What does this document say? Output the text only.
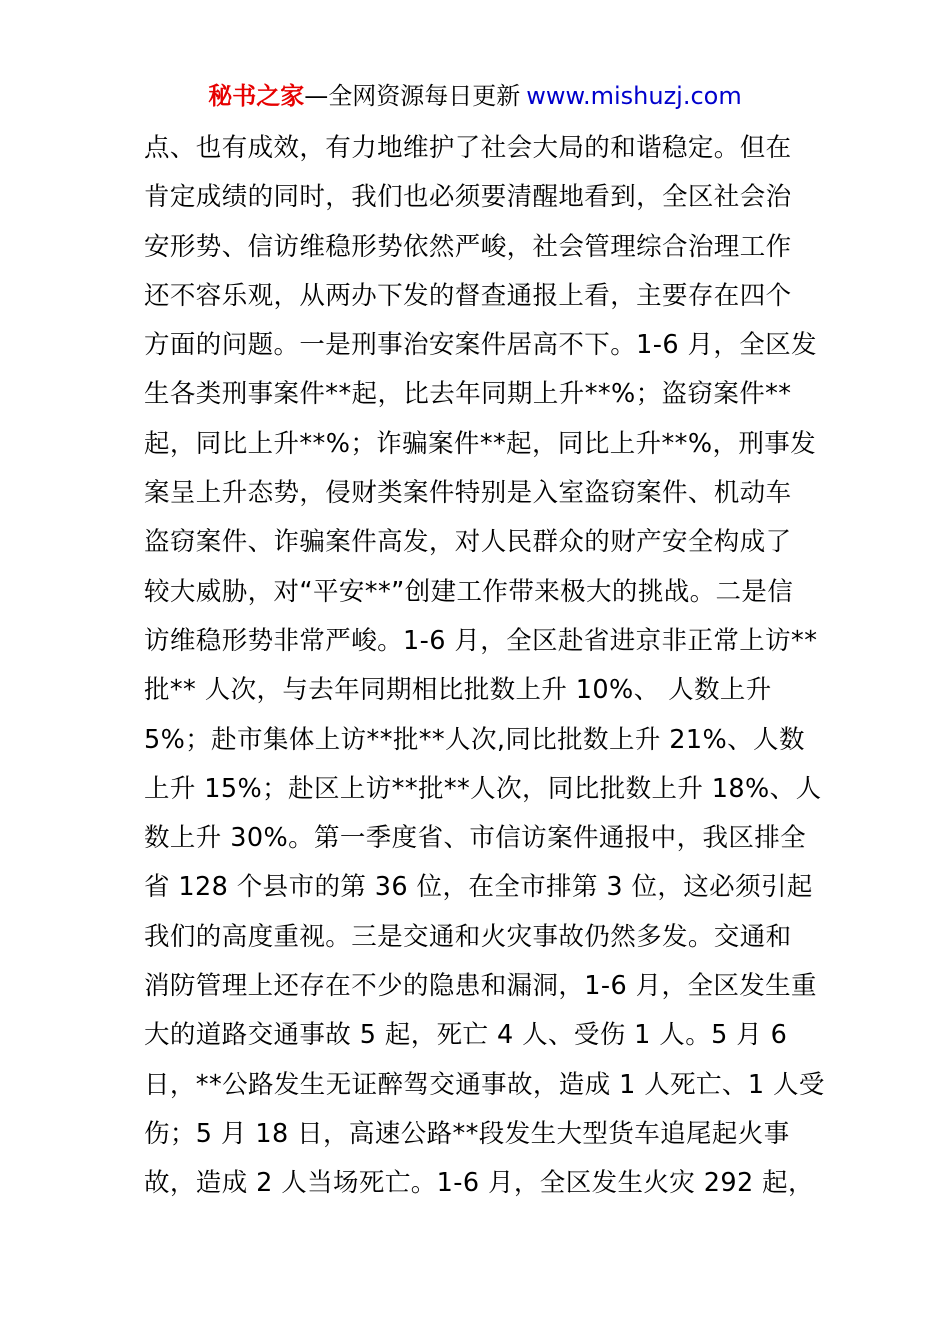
秘书之家—全网资源每日更新 www.mishuzj.com
点、也有成效，有力地维护了社会大局的和谐稳定。但在
肯定成绩的同时，我们也必须要清醒地看到，全区社会治
安形势、信访维稳形势依然严峻，社会管理综合治理工作
还不容乐观，从两办下发的督查通报上看，主要存在四个
方面的问题。一是刑事治安案件居高不下。1-6 月，全区发
生各类刑事案件**起，比去年同期上升**%；盗窃案件**
起，同比上升**%；诈骗案件**起，同比上升**%，刑事发
案呈上升态势，侵财类案件特别是入室盗窃案件、机动车
盗窃案件、诈骗案件高发，对人民群众的财产安全构成了
较大威胁，对“平安**”创建工作带来极大的挑战。二是信
访维稳形势非常严峻。1-6 月，全区赴省进京非正常上访**
批** 人次，与去年同期相比批数上升 10%、 人数上升
5%；赴市集体上访**批**人次,同比批数上升 21%、人数
上升 15%；赴区上访**批**人次，同比批数上升 18%、人
数上升 30%。第一季度省、市信访案件通报中，我区排全
省 128 个县市的第 36 位，在全市排第 3 位，这必须引起
我们的高度重视。三是交通和火灾事故仍然多发。交通和
消防管理上还存在不少的隐患和漏洞，1-6 月，全区发生重
大的道路交通事故 5 起，死亡 4 人、受伤 1 人。5 月 6
日，**公路发生无证醉驾交通事故，造成 1 人死亡、1 人受
伤；5 月 18 日，高速公路**段发生大型货车追尾起火事
故，造成 2 人当场死亡。1-6 月，全区发生火灾 292 起，
